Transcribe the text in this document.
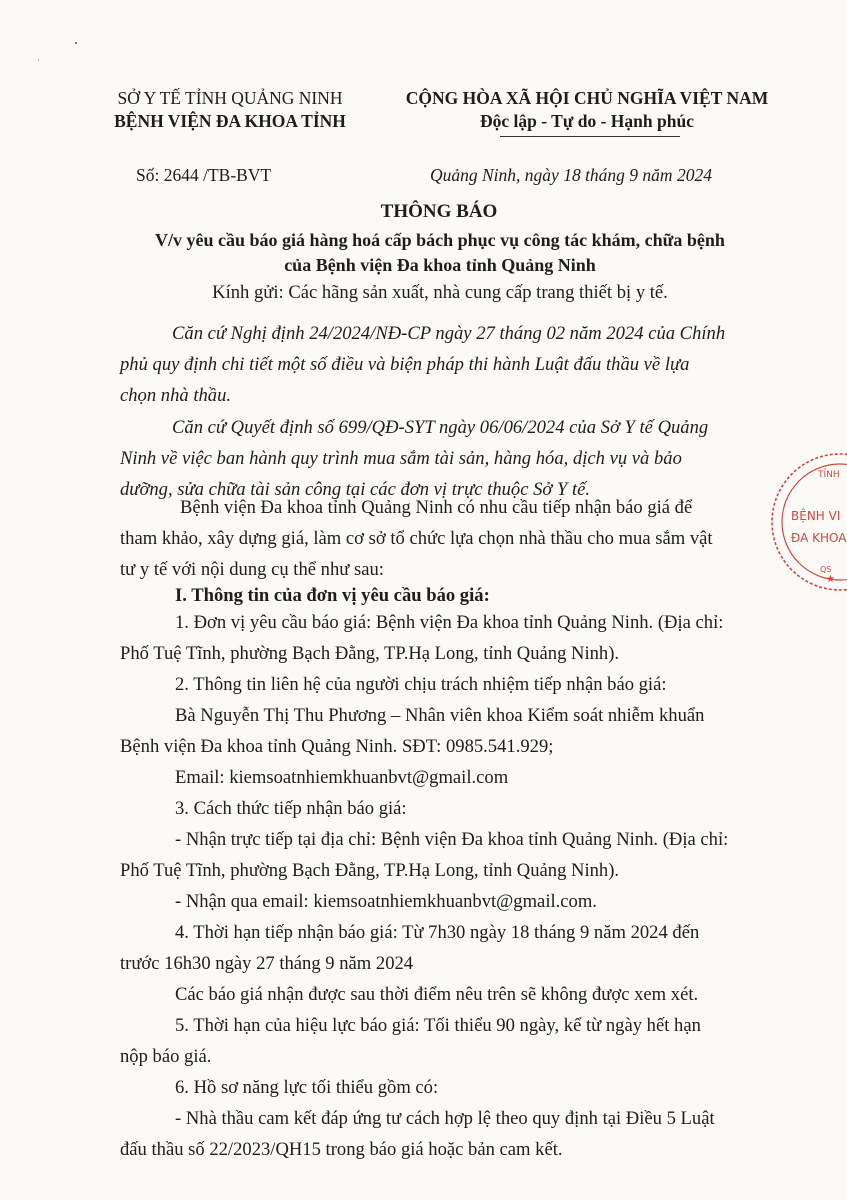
SỞ Y TẾ TỈNH QUẢNG NINH
BỆNH VIỆN ĐA KHOA TỈNH
CỘNG HÒA XÃ HỘI CHỦ NGHĨA VIỆT NAM
Độc lập - Tự do - Hạnh phúc
Số: 2644 /TB-BVT	Quảng Ninh, ngày 18 tháng 9 năm 2024
THÔNG BÁO
V/v yêu cầu báo giá hàng hoá cấp bách phục vụ công tác khám, chữa bệnh
của Bệnh viện Đa khoa tỉnh Quảng Ninh
Kính gửi: Các hãng sản xuất, nhà cung cấp trang thiết bị y tế.
Căn cứ Nghị định 24/2024/NĐ-CP ngày 27 tháng 02 năm 2024 của Chính
phủ quy định chi tiết một số điều và biện pháp thi hành Luật đấu thầu về lựa
chọn nhà thầu.
Căn cứ Quyết định số 699/QĐ-SYT ngày 06/06/2024 của Sở Y tế Quảng
Ninh về việc ban hành quy trình mua sắm tài sản, hàng hóa, dịch vụ và bảo
dưỡng, sửa chữa tài sản công tại các đơn vị trực thuộc Sở Y tế.
Bệnh viện Đa khoa tỉnh Quảng Ninh có nhu cầu tiếp nhận báo giá để
tham khảo, xây dựng giá, làm cơ sở tổ chức lựa chọn nhà thầu cho mua sắm vật
tư y tế với nội dung cụ thể như sau:
I. Thông tin của đơn vị yêu cầu báo giá:
1. Đơn vị yêu cầu báo giá: Bệnh viện Đa khoa tỉnh Quảng Ninh. (Địa chỉ:
Phố Tuệ Tĩnh, phường Bạch Đằng, TP.Hạ Long, tỉnh Quảng Ninh).
2. Thông tin liên hệ của người chịu trách nhiệm tiếp nhận báo giá:
Bà Nguyễn Thị Thu Phương – Nhân viên khoa Kiểm soát nhiễm khuẩn
Bệnh viện Đa khoa tỉnh Quảng Ninh. SĐT: 0985.541.929;
Email: kiemsoatnhiemkhuanbvt@gmail.com
3. Cách thức tiếp nhận báo giá:
- Nhận trực tiếp tại địa chỉ: Bệnh viện Đa khoa tỉnh Quảng Ninh. (Địa chỉ:
Phố Tuệ Tĩnh, phường Bạch Đằng, TP.Hạ Long, tỉnh Quảng Ninh).
- Nhận qua email: kiemsoatnhiemkhuanbvt@gmail.com.
4. Thời hạn tiếp nhận báo giá: Từ 7h30 ngày 18 tháng 9 năm 2024 đến
trước 16h30 ngày 27 tháng 9 năm 2024
Các báo giá nhận được sau thời điểm nêu trên sẽ không được xem xét.
5. Thời hạn của hiệu lực báo giá: Tối thiểu 90 ngày, kể từ ngày hết hạn
nộp báo giá.
6. Hồ sơ năng lực tối thiểu gồm có:
- Nhà thầu cam kết đáp ứng tư cách hợp lệ theo quy định tại Điều 5 Luật
đấu thầu số 22/2023/QH15 trong báo giá hoặc bản cam kết.
TỈNH
BỆNH VI
ĐA KHOA
QS
★
